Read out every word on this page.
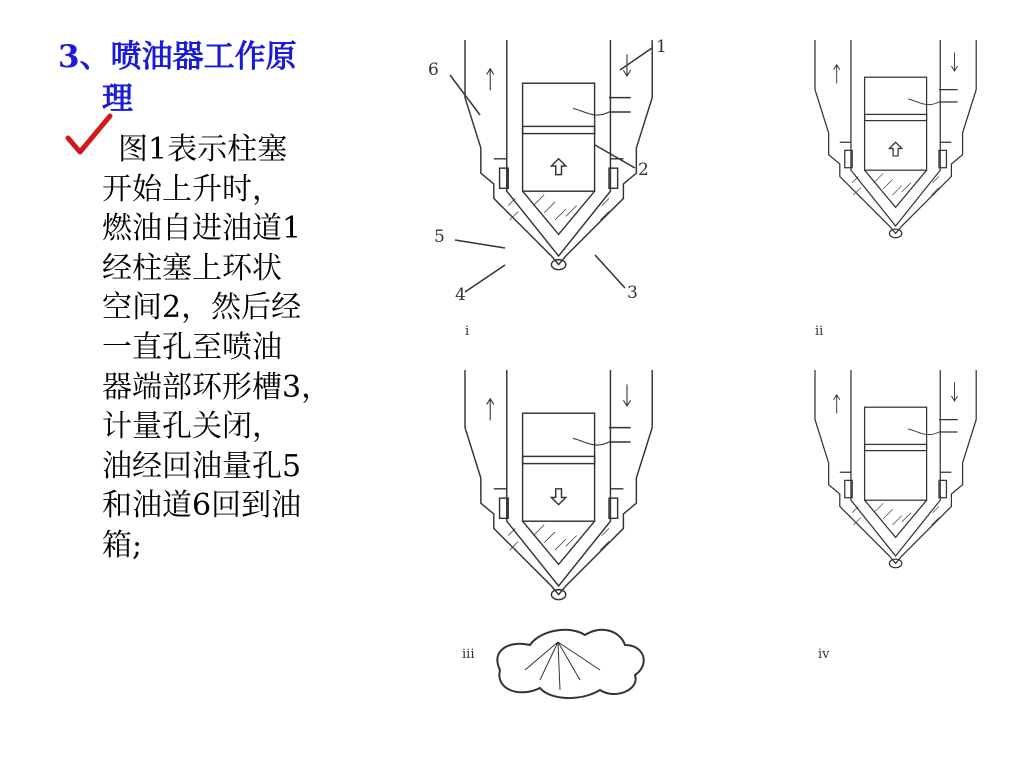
3、喷油器工作原
理
图1表示柱塞
开始上升时，
燃油自进油道1
经柱塞上环状
空间2，然后经
一直孔至喷油
器端部环形槽3，
计量孔关闭，
油经回油量孔5
和油道6回到油
箱;
1
2
3
4
5
6
i	ii
iii	iv
